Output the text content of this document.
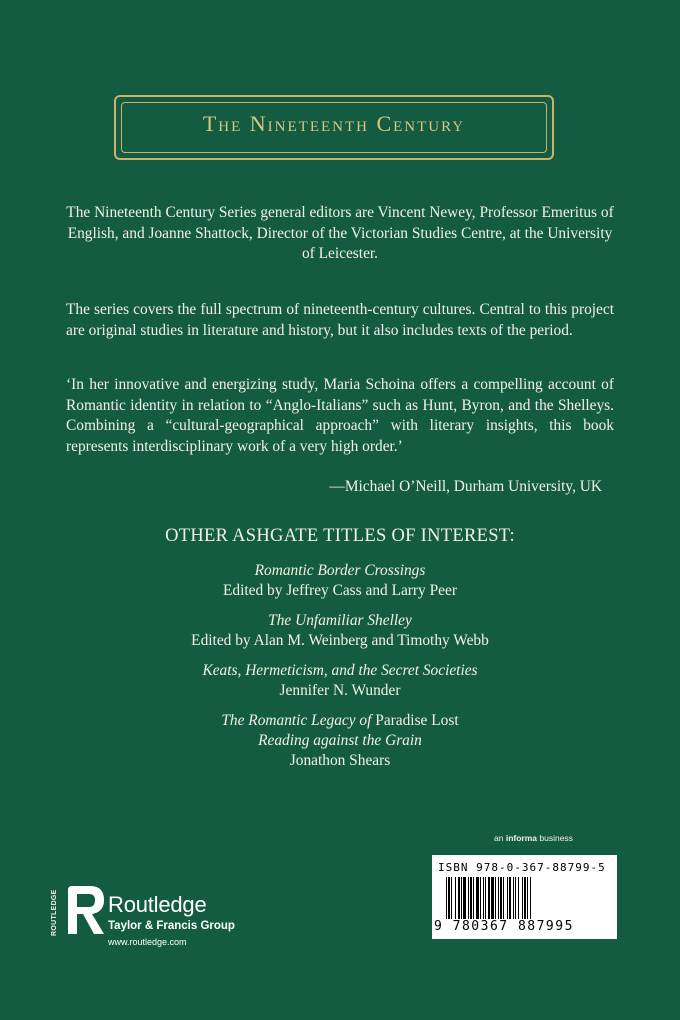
The Nineteenth Century
The Nineteenth Century Series general editors are Vincent Newey, Professor Emeritus of English, and Joanne Shattock, Director of the Victorian Studies Centre, at the University of Leicester.
The series covers the full spectrum of nineteenth-century cultures. Central to this project are original studies in literature and history, but it also includes texts of the period.
‘In her innovative and energizing study, Maria Schoina offers a compelling account of Romantic identity in relation to “Anglo-Italians” such as Hunt, Byron, and the Shelleys. Combining a “cultural-geographical approach” with literary insights, this book represents interdisciplinary work of a very high order.’
—Michael O’Neill, Durham University, UK
OTHER ASHGATE TITLES OF INTEREST:
Romantic Border Crossings
Edited by Jeffrey Cass and Larry Peer
The Unfamiliar Shelley
Edited by Alan M. Weinberg and Timothy Webb
Keats, Hermeticism, and the Secret Societies
Jennifer N. Wunder
The Romantic Legacy of Paradise Lost
Reading against the Grain
Jonathon Shears
an informa business
ISBN 978-0-367-88799-5
9 780367 887995
ROUTLEDGE Routledge
Taylor & Francis Group
www.routledge.com
